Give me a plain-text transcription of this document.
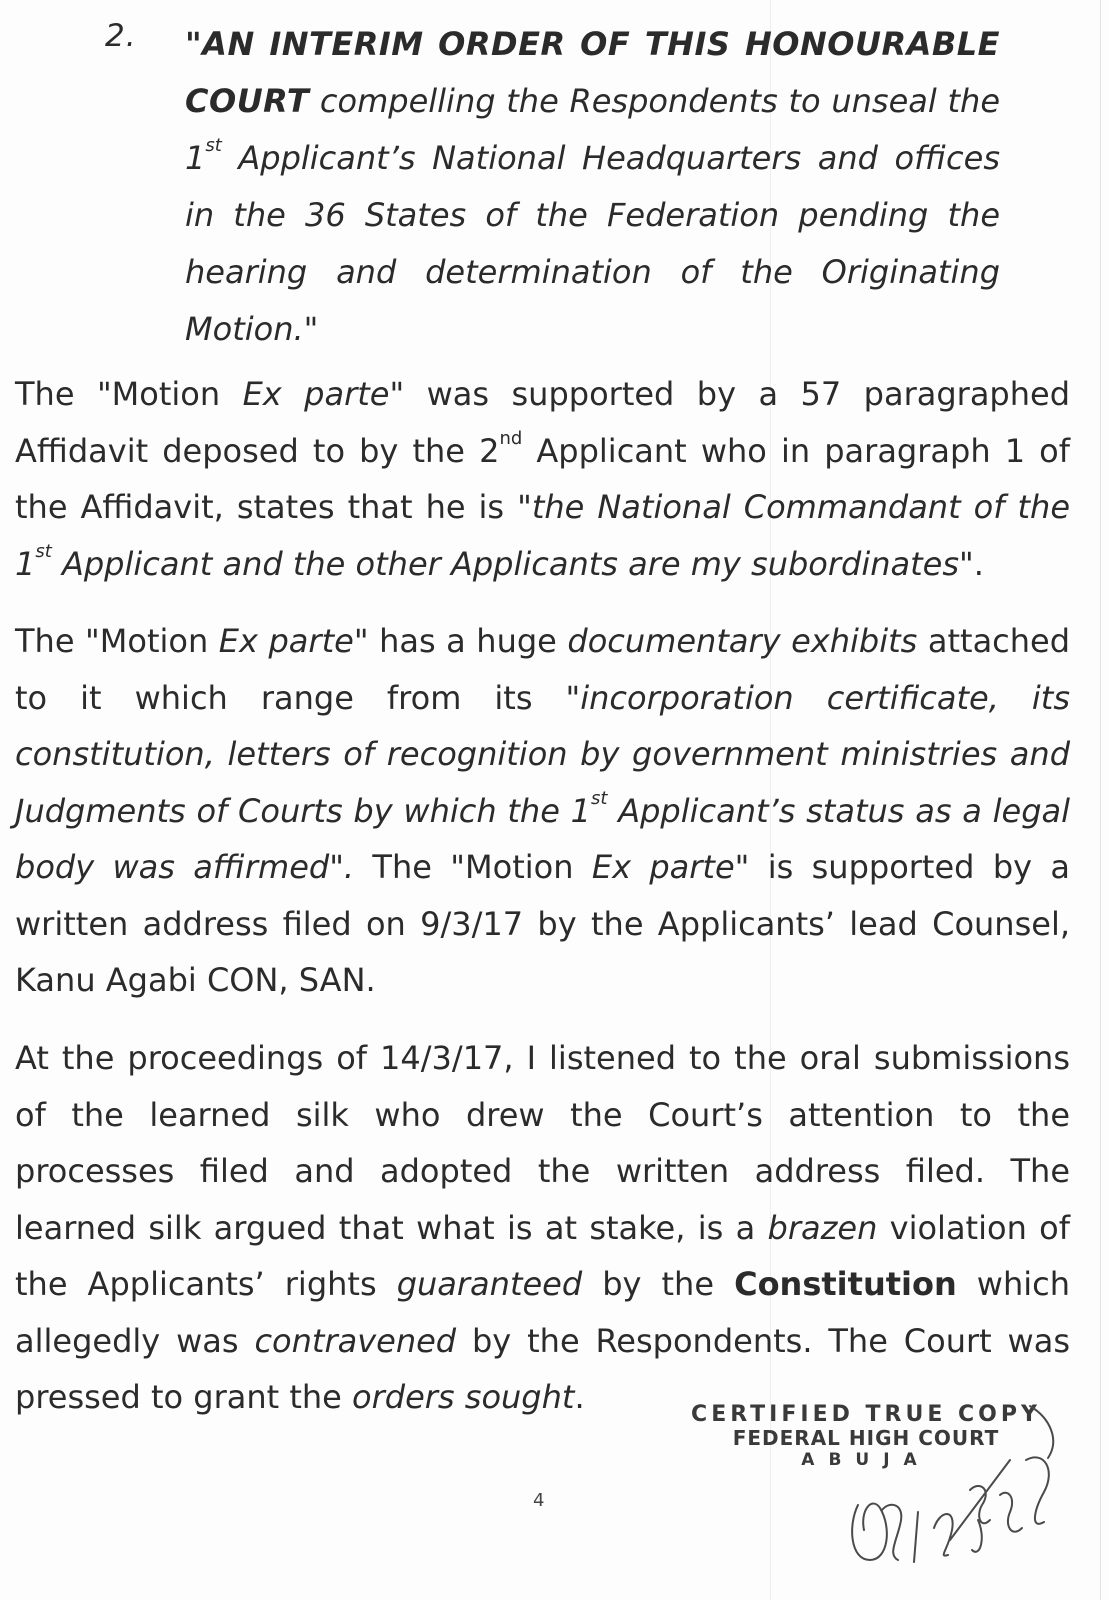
2. "AN INTERIM ORDER OF THIS HONOURABLE COURT compelling the Respondents to unseal the 1st Applicant’s National Headquarters and offices in the 36 States of the Federation pending the hearing and determination of the Originating Motion."

The "Motion Ex parte" was supported by a 57 paragraphed Affidavit deposed to by the 2nd Applicant who in paragraph 1 of the Affidavit, states that he is "the National Commandant of the 1st Applicant and the other Applicants are my subordinates".

The "Motion Ex parte" has a huge documentary exhibits attached to it which range from its "incorporation certificate, its constitution, letters of recognition by government ministries and Judgments of Courts by which the 1st Applicant’s status as a legal body was affirmed". The "Motion Ex parte" is supported by a written address filed on 9/3/17 by the Applicants’ lead Counsel, Kanu Agabi CON, SAN.

At the proceedings of 14/3/17, I listened to the oral submissions of the learned silk who drew the Court’s attention to the processes filed and adopted the written address filed. The learned silk argued that what is at stake, is a brazen violation of the Applicants’ rights guaranteed by the Constitution which allegedly was contravened by the Respondents. The Court was pressed to grant the orders sought.	CERTIFIED TRUE COPY
FEDERAL HIGH COURT
ABUJA
4
